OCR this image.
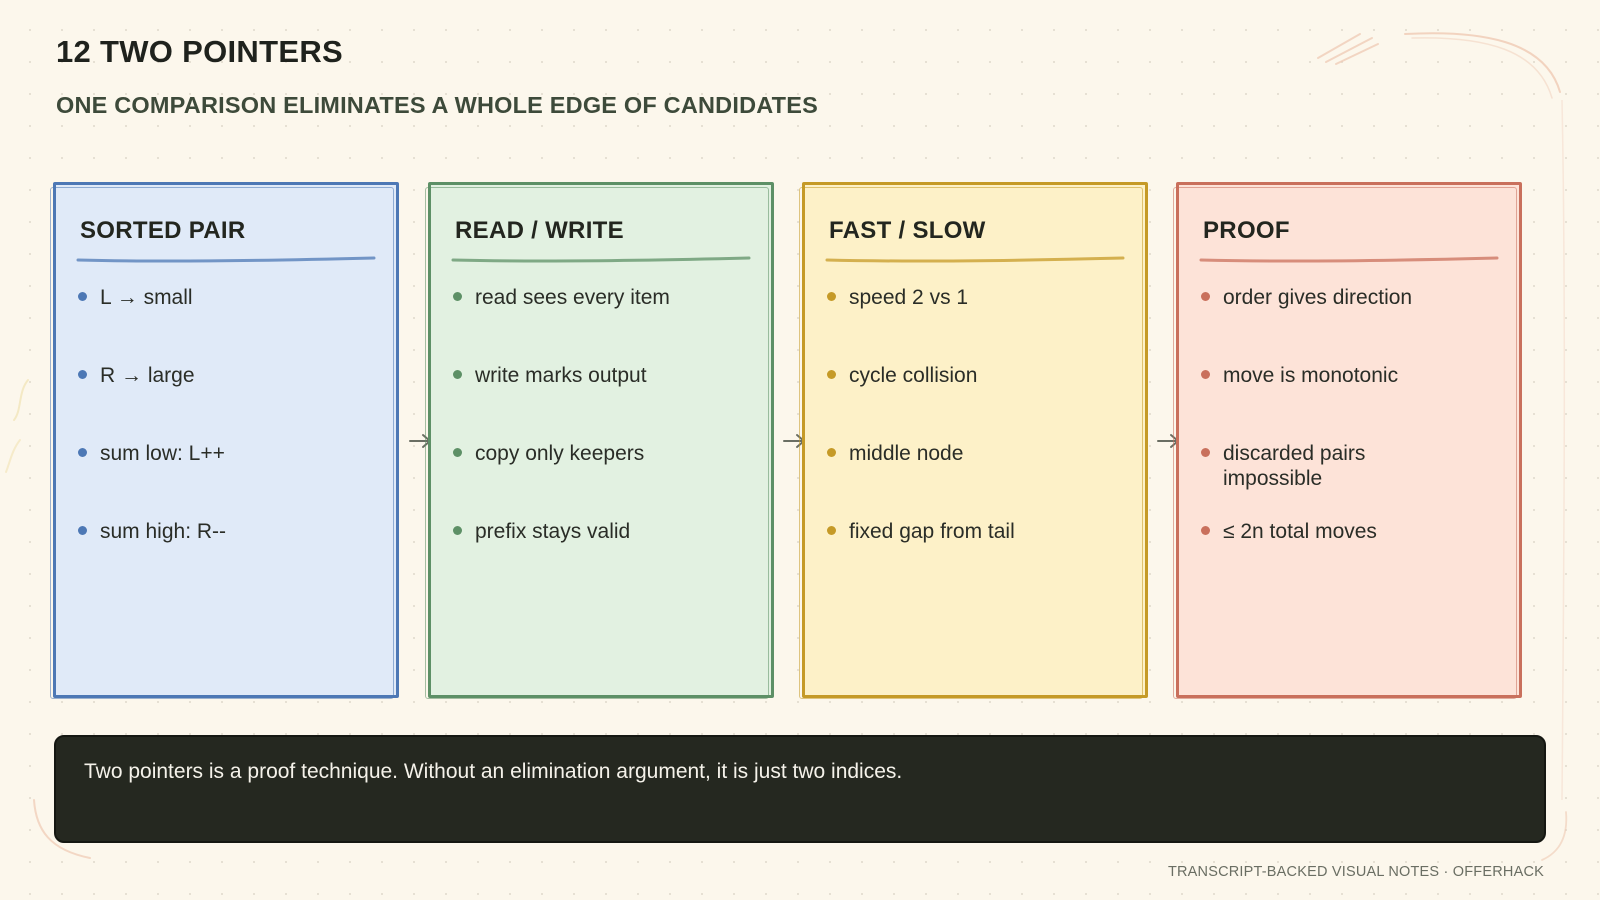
12 TWO POINTERS
ONE COMPARISON ELIMINATES A WHOLE EDGE OF CANDIDATES
SORTED PAIR
L → small
R → large
sum low: L++
sum high: R--
READ / WRITE
read sees every item
write marks output
copy only keepers
prefix stays valid
FAST / SLOW
speed 2 vs 1
cycle collision
middle node
fixed gap from tail
PROOF
order gives direction
move is monotonic
discarded pairs impossible
≤ 2n total moves

Two pointers is a proof technique. Without an elimination argument, it is just two indices.

TRANSCRIPT-BACKED VISUAL NOTES · OFFERHACK
